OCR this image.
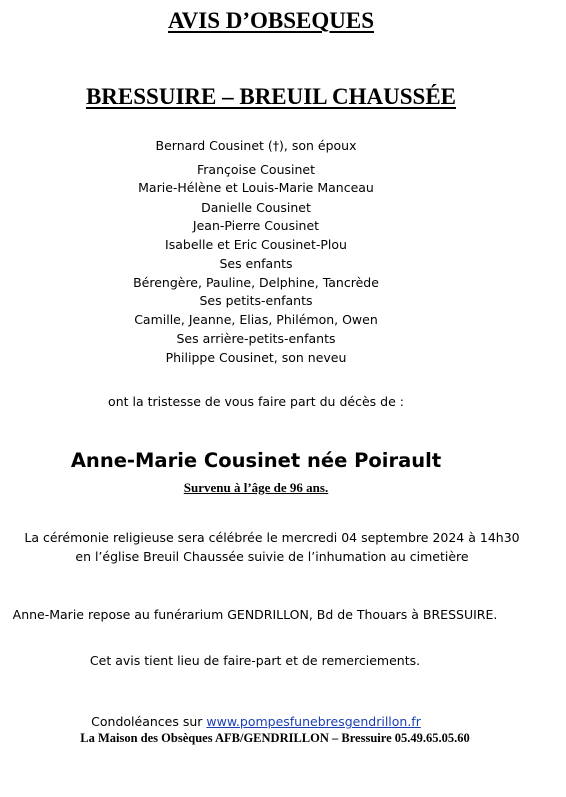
AVIS D’OBSEQUES
BRESSUIRE – BREUIL CHAUSSÉE
Bernard Cousinet (†), son époux
Françoise Cousinet
Marie-Hélène et Louis-Marie Manceau
Danielle Cousinet
Jean-Pierre Cousinet
Isabelle et Eric Cousinet-Plou
Ses enfants
Bérengère, Pauline, Delphine, Tancrède
Ses petits-enfants
Camille, Jeanne, Elias, Philémon, Owen
Ses arrière-petits-enfants
Philippe Cousinet, son neveu
ont la tristesse de vous faire part du décès de :
Anne-Marie Cousinet née Poirault
Survenu à l’âge de 96 ans.
La cérémonie religieuse sera célébrée le mercredi 04 septembre 2024 à 14h30
en l’église Breuil Chaussée suivie de l’inhumation au cimetière
Anne-Marie repose au funérarium GENDRILLON, Bd de Thouars à BRESSUIRE.
Cet avis tient lieu de faire-part et de remerciements.
Condoléances sur www.pompesfunebresgendrillon.fr
La Maison des Obsèques AFB/GENDRILLON – Bressuire 05.49.65.05.60
